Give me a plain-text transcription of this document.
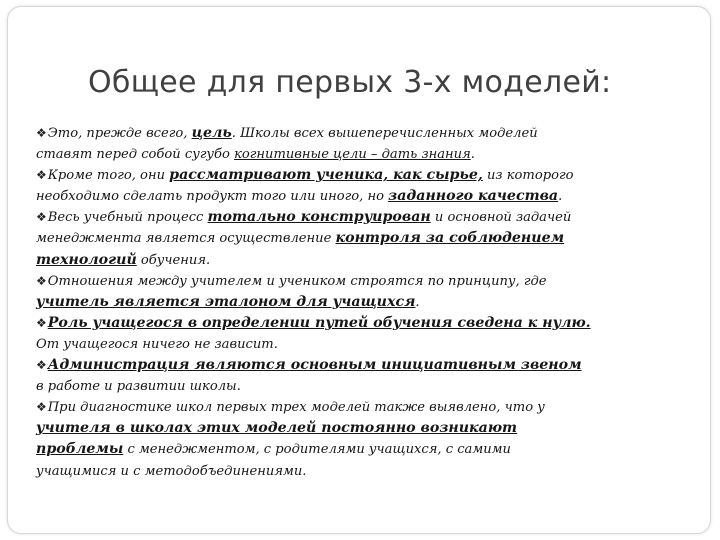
Общее для первых 3-х моделей:

❖Это, прежде всего, цель. Школы всех вышеперечисленных моделей ставят перед собой сугубо когнитивные цели – дать знания.

❖Кроме того, они рассматривают ученика, как сырье, из которого необходимо сделать продукт того или иного, но заданного качества.

❖Весь учебный процесс тотально конструирован и основной задачей менеджмента является осуществление контроля за соблюдением технологий обучения.

❖Отношения между учителем и учеником строятся по принципу, где учитель является эталоном для учащихся.

❖Роль учащегося в определении путей обучения сведена к нулю. От учащегося ничего не зависит.

❖Администрация являются основным инициативным звеном в работе и развитии школы.

❖При диагностике школ первых трех моделей также выявлено, что у учителя в школах этих моделей постоянно возникают проблемы с менеджментом, с родителями учащихся, с самими учащимися и с методобъединениями.
